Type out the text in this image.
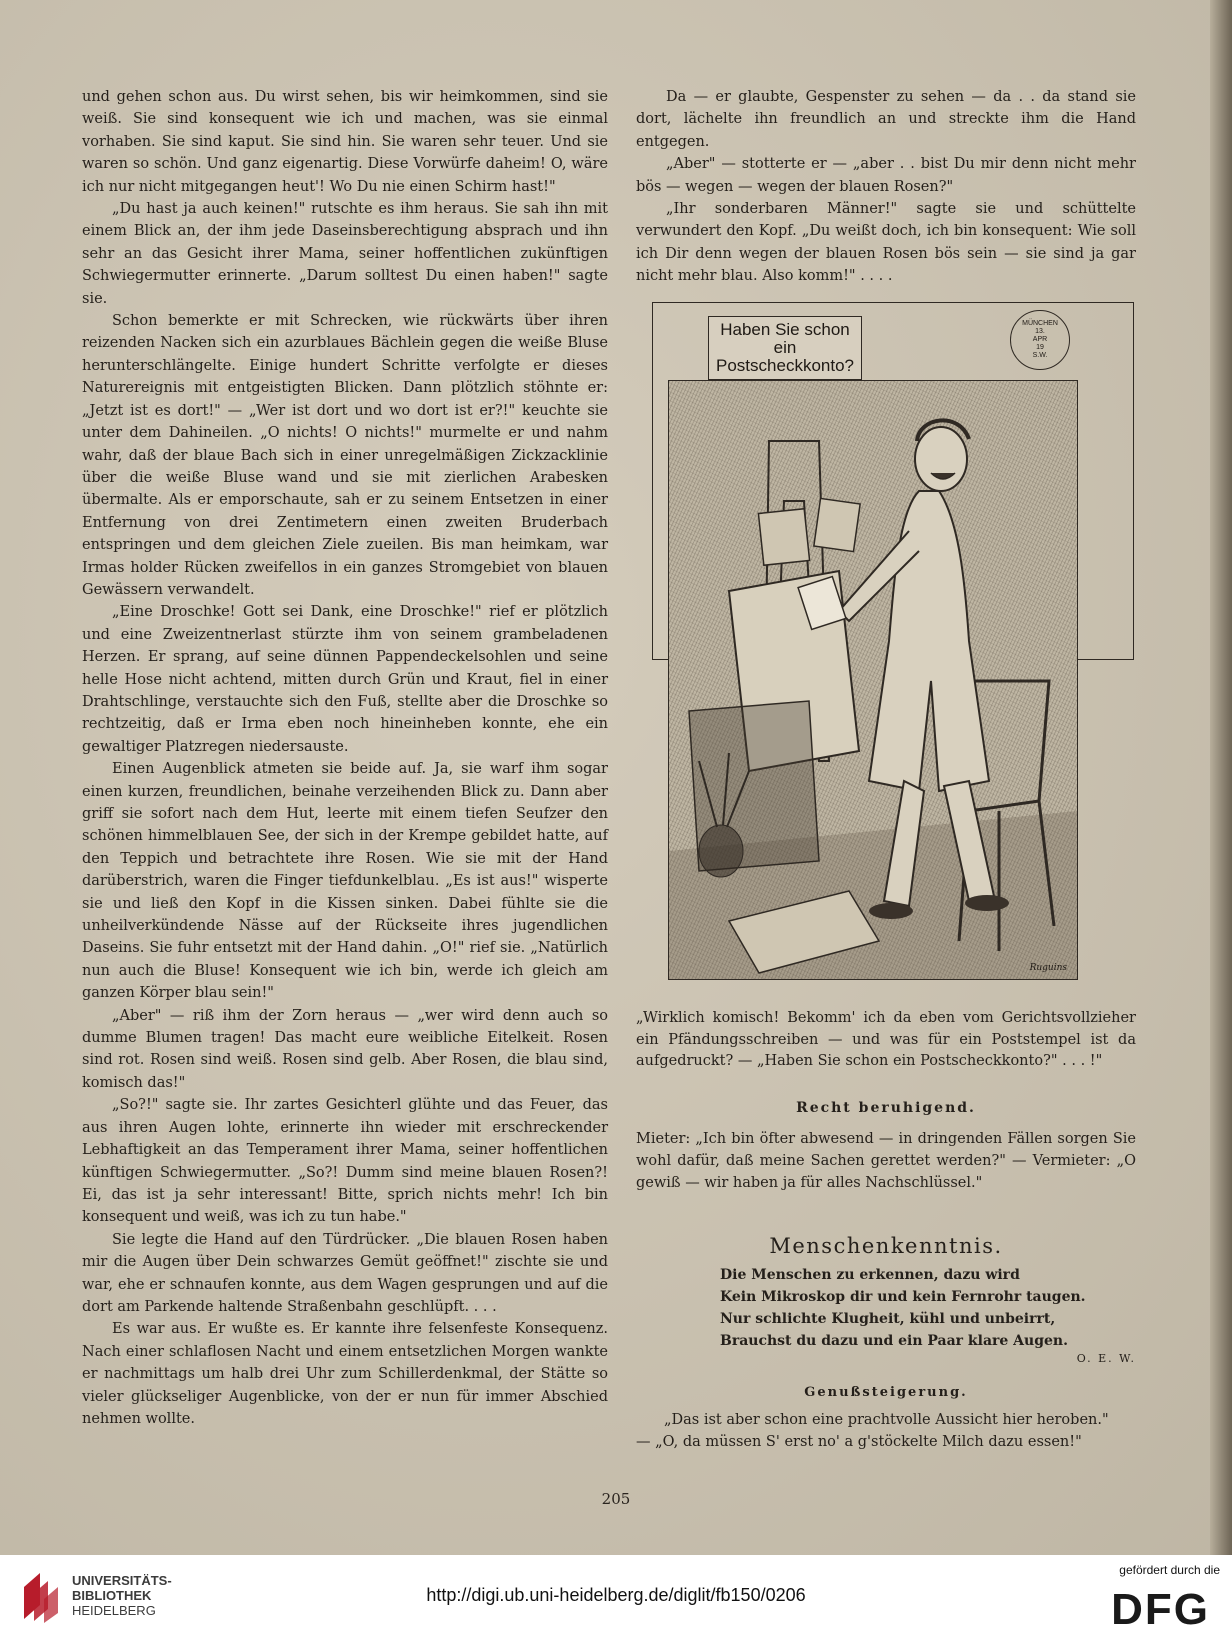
und gehen schon aus. Du wirst sehen, bis wir heimkommen, sind sie weiß. Sie sind konsequent wie ich und machen, was sie einmal vorhaben. Sie sind kaput. Sie sind hin. Sie waren sehr teuer. Und sie waren so schön. Und ganz eigenartig. Diese Vorwürfe daheim! O, wäre ich nur nicht mitgegangen heut'! Wo Du nie einen Schirm hast!"

„Du hast ja auch keinen!" rutschte es ihm heraus. Sie sah ihn mit einem Blick an, der ihm jede Daseinsberechtigung absprach und ihn sehr an das Gesicht ihrer Mama, seiner hoffentlichen zukünftigen Schwiegermutter erinnerte. „Darum solltest Du einen haben!" sagte sie.

Schon bemerkte er mit Schrecken, wie rückwärts über ihren reizenden Nacken sich ein azurblaues Bächlein gegen die weiße Bluse herunterschlängelte. Einige hundert Schritte verfolgte er dieses Naturereignis mit entgeistigten Blicken. Dann plötzlich stöhnte er: „Jetzt ist es dort!" — „Wer ist dort und wo dort ist er?!" keuchte sie unter dem Dahineilen. „O nichts! O nichts!" murmelte er und nahm wahr, daß der blaue Bach sich in einer unregelmäßigen Zickzacklinie über die weiße Bluse wand und sie mit zierlichen Arabesken übermalte. Als er emporschaute, sah er zu seinem Entsetzen in einer Entfernung von drei Zentimetern einen zweiten Bruderbach entspringen und dem gleichen Ziele zueilen. Bis man heimkam, war Irmas holder Rücken zweifellos in ein ganzes Stromgebiet von blauen Gewässern verwandelt.

„Eine Droschke! Gott sei Dank, eine Droschke!" rief er plötzlich und eine Zweizentnerlast stürzte ihm von seinem grambeladenen Herzen. Er sprang, auf seine dünnen Pappendeckelsohlen und seine helle Hose nicht achtend, mitten durch Grün und Kraut, fiel in einer Drahtschlinge, verstauchte sich den Fuß, stellte aber die Droschke so rechtzeitig, daß er Irma eben noch hineinheben konnte, ehe ein gewaltiger Platzregen niedersauste.

Einen Augenblick atmeten sie beide auf. Ja, sie warf ihm sogar einen kurzen, freundlichen, beinahe verzeihenden Blick zu. Dann aber griff sie sofort nach dem Hut, leerte mit einem tiefen Seufzer den schönen himmelblauen See, der sich in der Krempe gebildet hatte, auf den Teppich und betrachtete ihre Rosen. Wie sie mit der Hand darüberstrich, waren die Finger tiefdunkelblau. „Es ist aus!" wisperte sie und ließ den Kopf in die Kissen sinken. Dabei fühlte sie die unheilverkündende Nässe auf der Rückseite ihres jugendlichen Daseins. Sie fuhr entsetzt mit der Hand dahin. „O!" rief sie. „Natürlich nun auch die Bluse! Konsequent wie ich bin, werde ich gleich am ganzen Körper blau sein!"

„Aber" — riß ihm der Zorn heraus — „wer wird denn auch so dumme Blumen tragen! Das macht eure weibliche Eitelkeit. Rosen sind rot. Rosen sind weiß. Rosen sind gelb. Aber Rosen, die blau sind, komisch das!"

„So?!" sagte sie. Ihr zartes Gesichterl glühte und das Feuer, das aus ihren Augen lohte, erinnerte ihn wieder mit erschreckender Lebhaftigkeit an das Temperament ihrer Mama, seiner hoffentlichen künftigen Schwiegermutter. „So?! Dumm sind meine blauen Rosen?! Ei, das ist ja sehr interessant! Bitte, sprich nichts mehr! Ich bin konsequent und weiß, was ich zu tun habe."

Sie legte die Hand auf den Türdrücker. „Die blauen Rosen haben mir die Augen über Dein schwarzes Gemüt geöffnet!" zischte sie und war, ehe er schnaufen konnte, aus dem Wagen gesprungen und auf die dort am Parkende haltende Straßenbahn geschlüpft. . . .

Es war aus. Er wußte es. Er kannte ihre felsenfeste Konsequenz. Nach einer schlaflosen Nacht und einem entsetzlichen Morgen wankte er nachmittags um halb drei Uhr zum Schillerdenkmal, der Stätte so vieler glückseliger Augenblicke, von der er nun für immer Abschied nehmen wollte.

Da — er glaubte, Gespenster zu sehen — da . . da stand sie dort, lächelte ihn freundlich an und streckte ihm die Hand entgegen.

„Aber" — stotterte er — „aber . . bist Du mir denn nicht mehr bös — wegen — wegen der blauen Rosen?"

„Ihr sonderbaren Männer!" sagte sie und schüttelte verwundert den Kopf. „Du weißt doch, ich bin konsequent: Wie soll ich Dir denn wegen der blauen Rosen bös sein — sie sind ja gar nicht mehr blau. Also komm!" . . . .

Haben Sie schon
ein
Postscheckkonto?
MÜNCHEN
13.
APR
19
S.W.
Ruguins

„Wirklich komisch! Bekomm' ich da eben vom Gerichtsvollzieher ein Pfändungsschreiben — und was für ein Poststempel ist da aufgedruckt? — „Haben Sie schon ein Postscheckkonto?" . . . !"

Recht beruhigend.

Mieter: „Ich bin öfter abwesend — in dringenden Fällen sorgen Sie wohl dafür, daß meine Sachen gerettet werden?" — Vermieter: „O gewiß — wir haben ja für alles Nachschlüssel."

Menschenkenntnis.
Die Menschen zu erkennen, dazu wird
Kein Mikroskop dir und kein Fernrohr taugen.
Nur schlichte Klugheit, kühl und unbeirrt,
Brauchst du dazu und ein Paar klare Augen.
O. E. W.
Genußsteigerung.
„Das ist aber schon eine prachtvolle Aussicht hier heroben."
— „O, da müssen S' erst no' a g'stöckelte Milch dazu essen!"
205
UNIVERSITÄTS-
BIBLIOTHEK
HEIDELBERG
http://digi.ub.uni-heidelberg.de/diglit/fb150/0206
gefördert durch die
DFG
